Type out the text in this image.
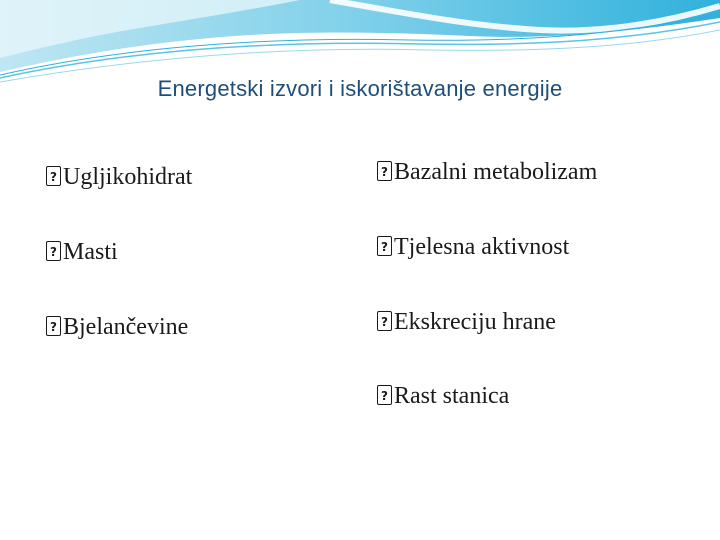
Energetski izvori i iskorištavanje energije
?Ugljikohidrat
?Masti
?Bjelančevine
?Bazalni metabolizam
?Tjelesna aktivnost
?Ekskreciju hrane
?Rast stanica
